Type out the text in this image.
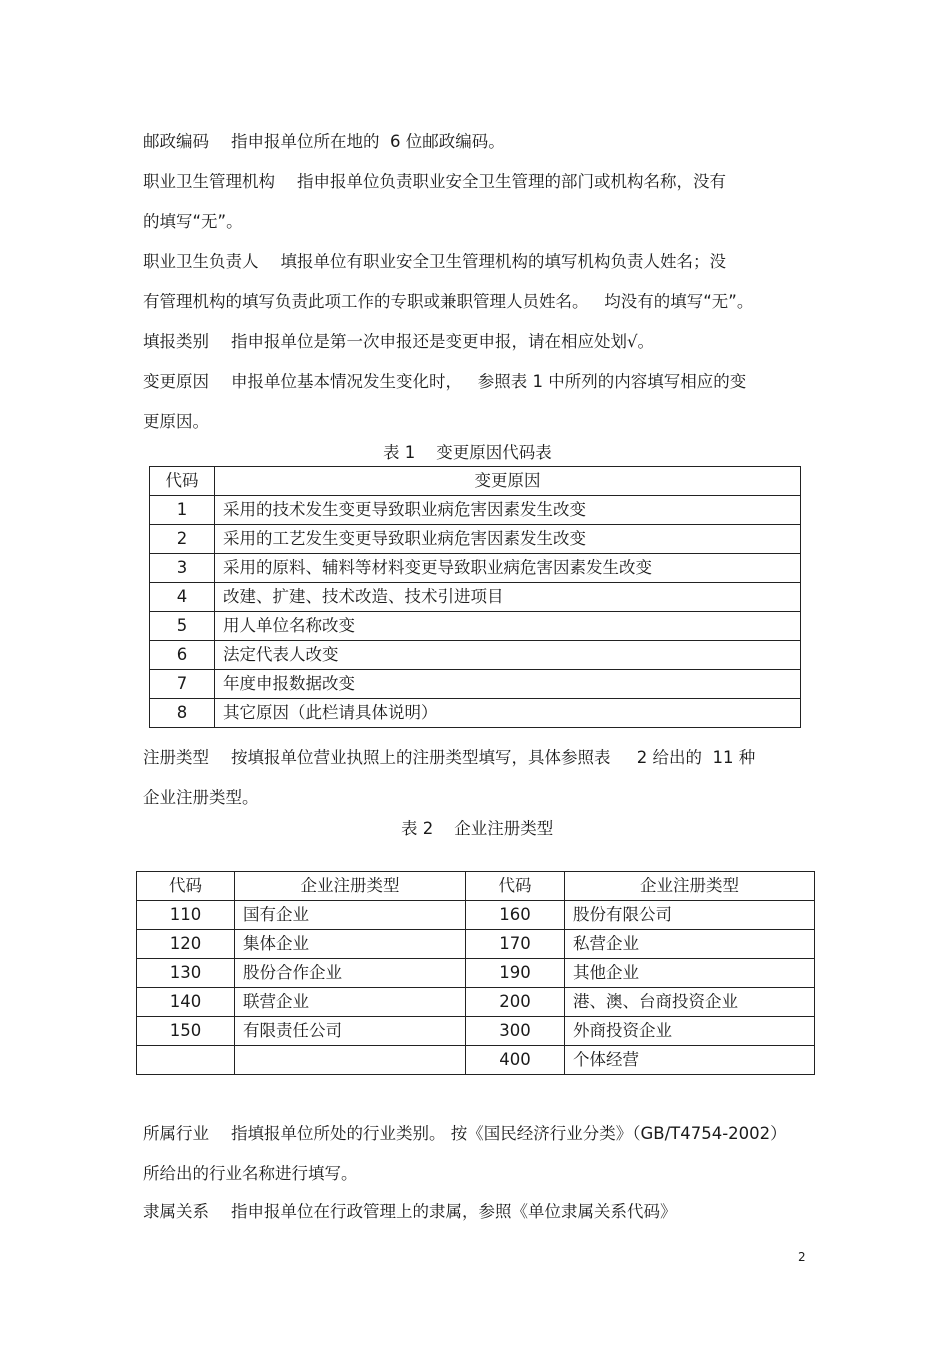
邮政编码 指申报单位所在地的  6 位邮政编码。
职业卫生管理机构 指申报单位负责职业安全卫生管理的部门或机构名称，没有
的填写“无”。
职业卫生负责人 填报单位有职业安全卫生管理机构的填写机构负责人姓名；没
有管理机构的填写负责此项工作的专职或兼职管理人员姓名。   均没有的填写“无”。
填报类别 指申报单位是第一次申报还是变更申报，请在相应处划√。
变更原因 申报单位基本情况发生变化时，   参照表 1 中所列的内容填写相应的变
更原因。
表 1    变更原因代码表
代码	变更原因
1	采用的技术发生变更导致职业病危害因素发生改变
2	采用的工艺发生变更导致职业病危害因素发生改变
3	采用的原料、辅料等材料变更导致职业病危害因素发生改变
4	改建、扩建、技术改造、技术引进项目
5	用人单位名称改变
6	法定代表人改变
7	年度申报数据改变
8	其它原因（此栏请具体说明）
注册类型 按填报单位营业执照上的注册类型填写，具体参照表     2 给出的  11 种
企业注册类型。
表 2    企业注册类型
代码	企业注册类型	代码	企业注册类型
110	国有企业	160	股份有限公司
120	集体企业	170	私营企业
130	股份合作企业	190	其他企业
140	联营企业	200	港、澳、台商投资企业
150	有限责任公司	300	外商投资企业
		400	个体经营
所属行业 指填报单位所处的行业类别。 按《国民经济行业分类》（GB/T4754-2002）
所给出的行业名称进行填写。
隶属关系 指申报单位在行政管理上的隶属，参照《单位隶属关系代码》
2
